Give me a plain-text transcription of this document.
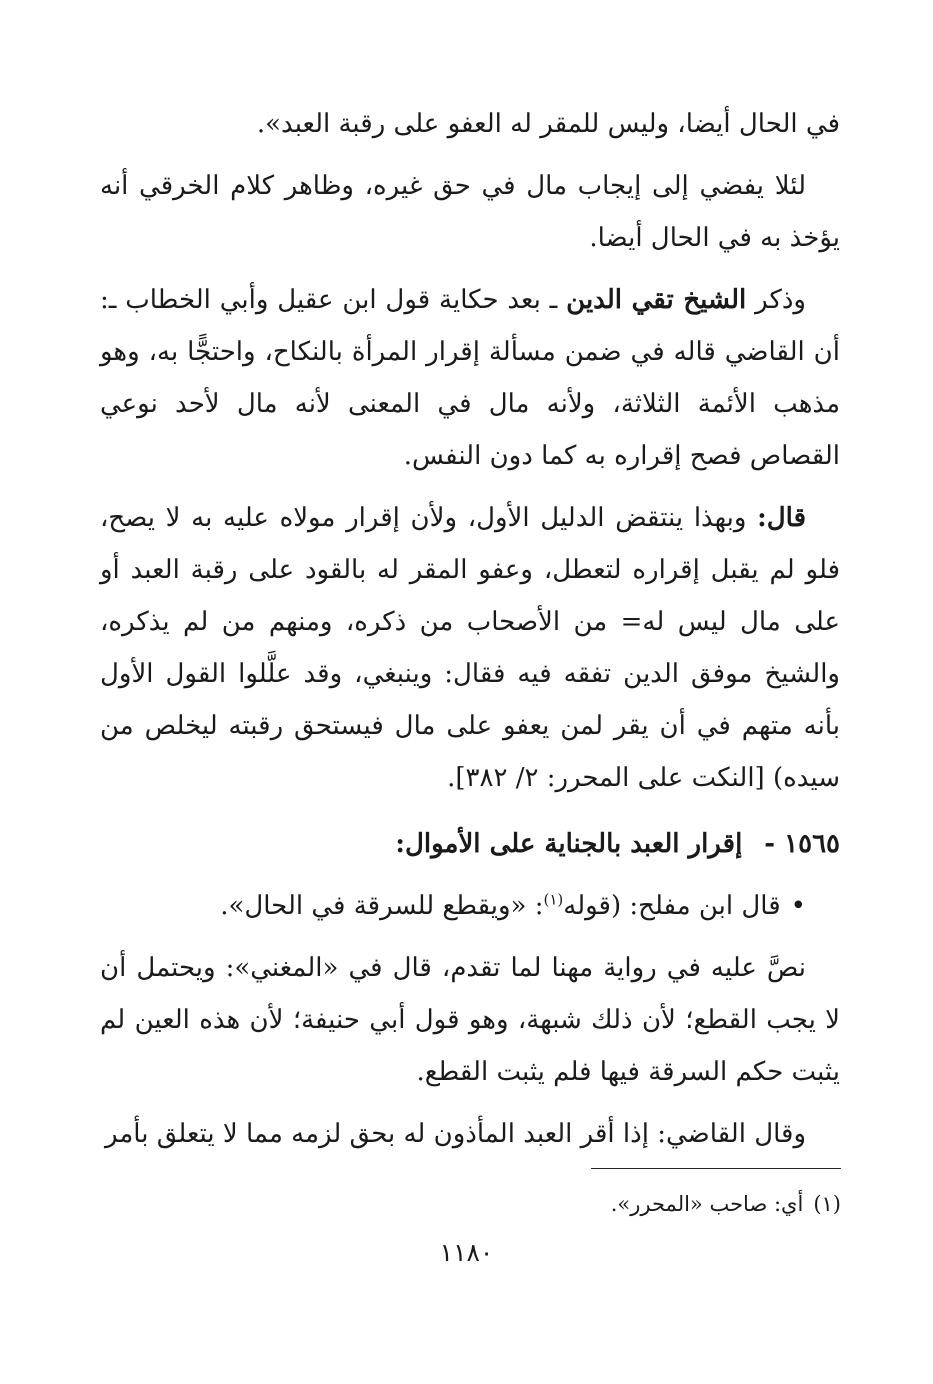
في الحال أيضا، وليس للمقر له العفو على رقبة العبد».

لئلا يفضي إلى إيجاب مال في حق غيره، وظاهر كلام الخرقي أنه يؤخذ به في الحال أيضا.

وذكر الشيخ تقي الدين ـ بعد حكاية قول ابن عقيل وأبي الخطاب ـ: أن القاضي قاله في ضمن مسألة إقرار المرأة بالنكاح، واحتجًّا به، وهو مذهب الأئمة الثلاثة، ولأنه مال في المعنى لأنه مال لأحد نوعي القصاص فصح إقراره به كما دون النفس.

قال: وبهذا ينتقض الدليل الأول، ولأن إقرار مولاه عليه به لا يصح، فلو لم يقبل إقراره لتعطل، وعفو المقر له بالقود على رقبة العبد أو على مال ليس له= من الأصحاب من ذكره، ومنهم من لم يذكره، والشيخ موفق الدين تفقه فيه فقال: وينبغي، وقد علَّلوا القول الأول بأنه متهم في أن يقر لمن يعفو على مال فيستحق رقبته ليخلص من سيده) [النكت على المحرر: ٢/ ٣٨٢].

١٥٦٥ -إقرار العبد بالجناية على الأموال:
•قال ابن مفلح: (قوله$^{(١)}$: «ويقطع للسرقة في الحال».

نصَّ عليه في رواية مهنا لما تقدم، قال في «المغني»: ويحتمل أن لا يجب القطع؛ لأن ذلك شبهة، وهو قول أبي حنيفة؛ لأن هذه العين لم يثبت حكم السرقة فيها فلم يثبت القطع.

وقال القاضي: إذا أقر العبد المأذون له بحق لزمه مما لا يتعلق بأمر

(١)أي: صاحب «المحرر».
١١٨٠
